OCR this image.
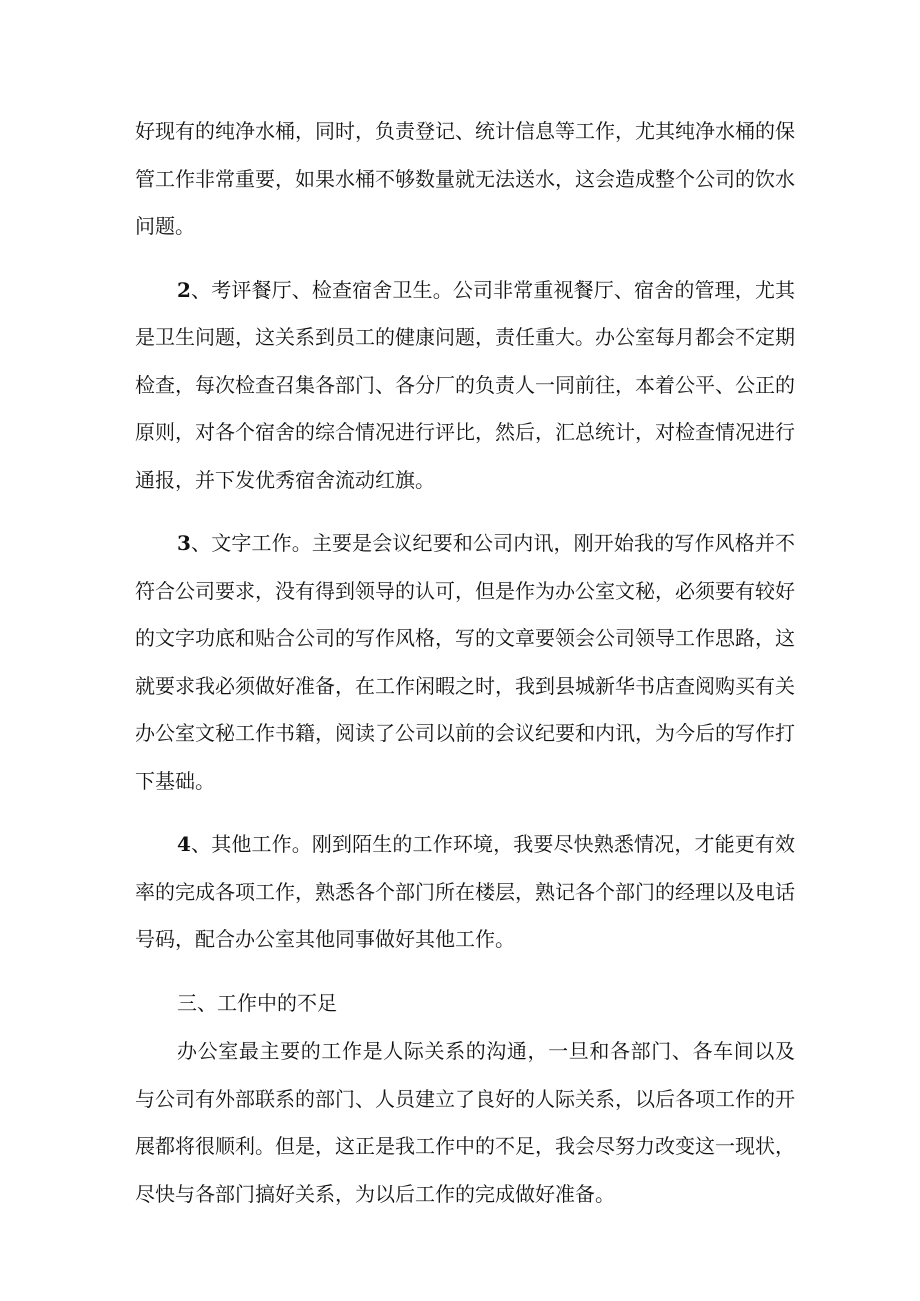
好现有的纯净水桶，同时，负责登记、统计信息等工作，尤其纯净水桶的保管工作非常重要，如果水桶不够数量就无法送水，这会造成整个公司的饮水问题。

2、考评餐厅、检查宿舍卫生。公司非常重视餐厅、宿舍的管理，尤其是卫生问题，这关系到员工的健康问题，责任重大。办公室每月都会不定期检查，每次检查召集各部门、各分厂的负责人一同前往，本着公平、公正的原则，对各个宿舍的综合情况进行评比，然后，汇总统计，对检查情况进行通报，并下发优秀宿舍流动红旗。

3、文字工作。主要是会议纪要和公司内讯，刚开始我的写作风格并不符合公司要求，没有得到领导的认可，但是作为办公室文秘，必须要有较好的文字功底和贴合公司的写作风格，写的文章要领会公司领导工作思路，这就要求我必须做好准备，在工作闲暇之时，我到县城新华书店查阅购买有关办公室文秘工作书籍，阅读了公司以前的会议纪要和内讯，为今后的写作打下基础。

4、其他工作。刚到陌生的工作环境，我要尽快熟悉情况，才能更有效率的完成各项工作，熟悉各个部门所在楼层，熟记各个部门的经理以及电话号码，配合办公室其他同事做好其他工作。

三、工作中的不足

办公室最主要的工作是人际关系的沟通，一旦和各部门、各车间以及与公司有外部联系的部门、人员建立了良好的人际关系，以后各项工作的开展都将很顺利。但是，这正是我工作中的不足，我会尽努力改变这一现状，尽快与各部门搞好关系，为以后工作的完成做好准备。
